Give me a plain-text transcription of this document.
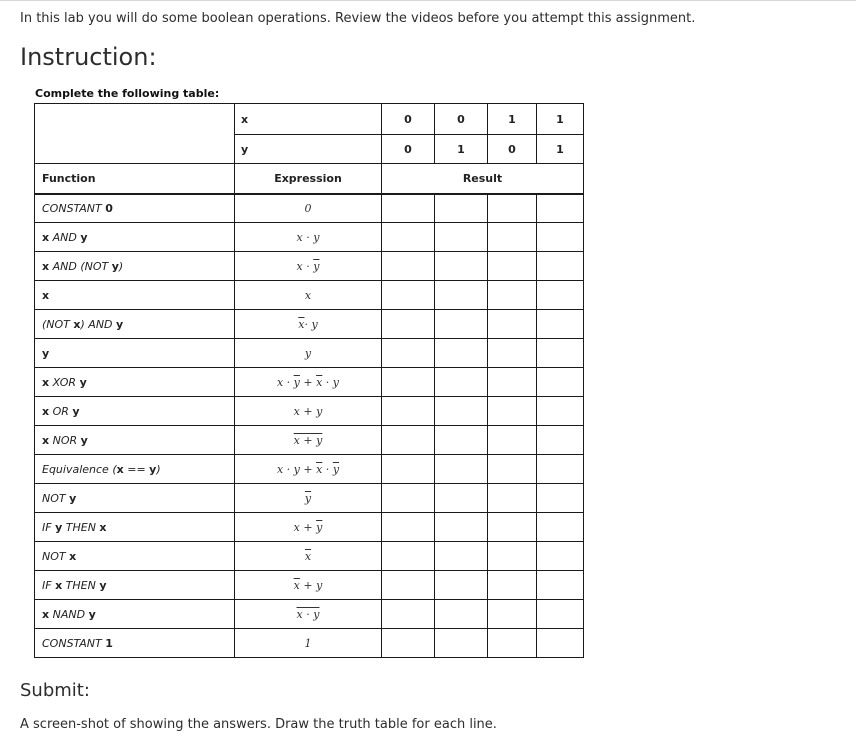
In this lab you will do some boolean operations. Review the videos before you attempt this assignment.
Instruction:
Complete the following table:
	x	0	0	1	1
	y	0	1	0	1
Function	Expression	Result			
CONSTANT 0	0				
x AND y	x · y				
x AND (NOT y)	$x \cdot \overline{y}$				
x	x				
(NOT x) AND y	$\overline{x}\cdot y$				
y	y				
x XOR y	$x \cdot \overline{y} + \overline{x} \cdot y$				
x OR y	x + y				
x NOR y	x + y				
Equivalence (x == y)	$x \cdot y + \overline{x} \cdot \overline{y}$				
NOT y	$\overline{y}$				
IF y THEN x	$x + \overline{y}$				
NOT x	$\overline{x}$				
IF x THEN y	$\overline{x} + y$				
x NAND y	x · y				
CONSTANT 1	1				
Submit:
A screen-shot of showing the answers. Draw the truth table for each line.
